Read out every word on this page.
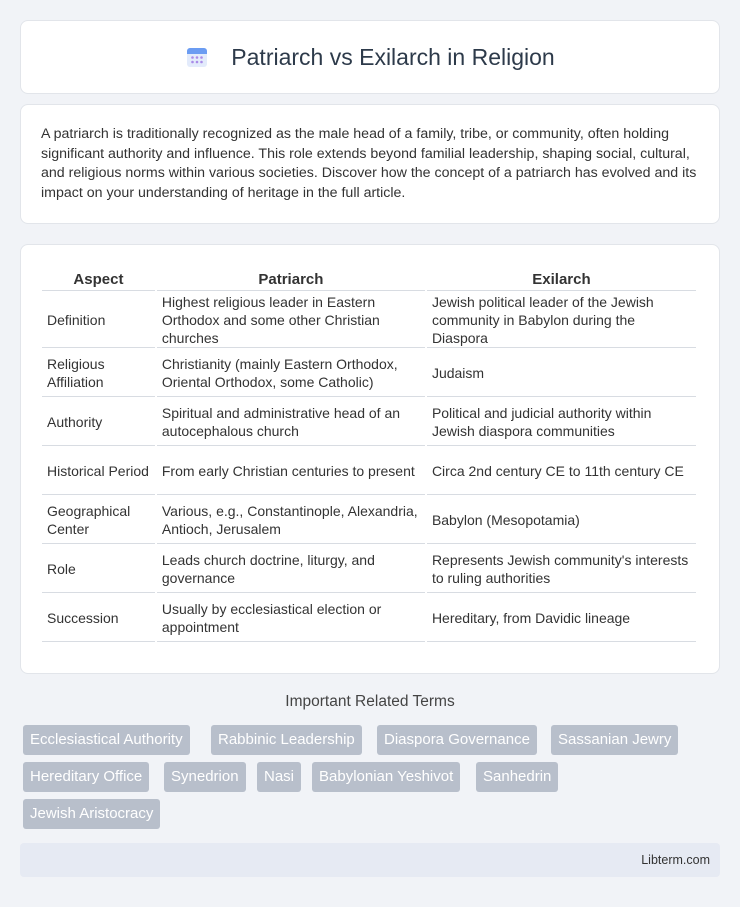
Patriarch vs Exilarch in Religion

A patriarch is traditionally recognized as the male head of a family, tribe, or community, often holding significant authority and influence. This role extends beyond familial leadership, shaping social, cultural, and religious norms within various societies. Discover how the concept of a patriarch has evolved and its impact on your understanding of heritage in the full article.

Aspect	Patriarch	Exilarch
Definition	Highest religious leader in Eastern Orthodox and some other Christian churches	Jewish political leader of the Jewish community in Babylon during the Diaspora
Religious Affiliation	Christianity (mainly Eastern Orthodox, Oriental Orthodox, some Catholic)	Judaism
Authority	Spiritual and administrative head of an autocephalous church	Political and judicial authority within Jewish diaspora communities
Historical Period	From early Christian centuries to present	Circa 2nd century CE to 11th century CE
Geographical Center	Various, e.g., Constantinople, Alexandria, Antioch, Jerusalem	Babylon (Mesopotamia)
Role	Leads church doctrine, liturgy, and governance	Represents Jewish community's interests to ruling authorities
Succession	Usually by ecclesiastical election or appointment	Hereditary, from Davidic lineage
Important Related Terms
Ecclesiastical Authority	Rabbinic Leadership	Diaspora Governance	Sassanian Jewry
Hereditary Office	Synedrion	Nasi	Babylonian Yeshivot	Sanhedrin
Jewish Aristocracy
Libterm.com
